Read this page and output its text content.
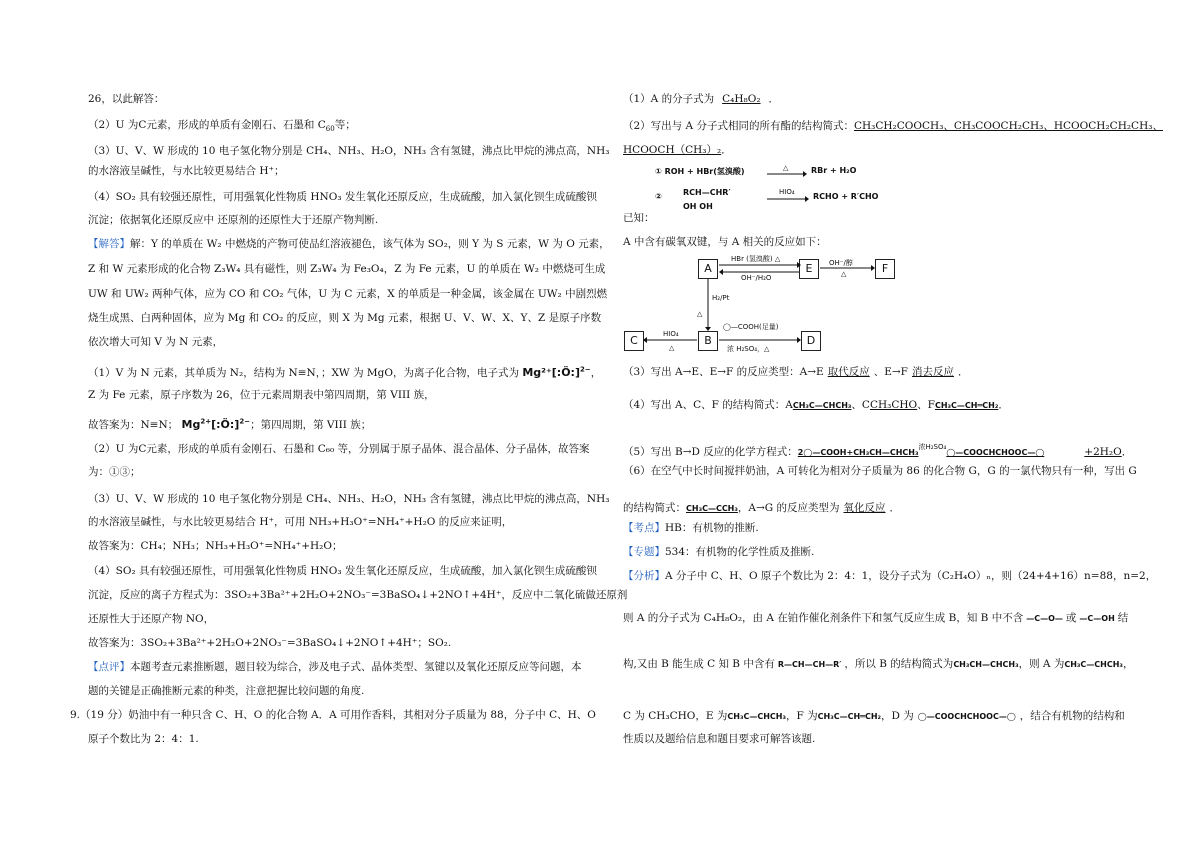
26，以此解答：
（2）U 为C元素，形成的单质有金刚石、石墨和 $C_{60}$等；
（3）U、V、W 形成的 10 电子氢化物分别是 CH₄、NH₃、H₂O，NH₃ 含有氢键，沸点比甲烷的沸点高，NH₃
的水溶液呈碱性，与水比较更易结合 H⁺；
（4）SO₂ 具有较强还原性，可用强氧化性物质 HNO₃ 发生氧化还原反应，生成硫酸，加入氯化钡生成硫酸钡
沉淀；依据氧化还原反应中 还原剂的还原性大于还原产物判断.
【解答】解：Y 的单质在 W₂ 中燃烧的产物可使品红溶液褪色，该气体为 SO₂，则 Y 为 S 元素，W 为 O 元素，
Z 和 W 元素形成的化合物 Z₃W₄ 具有磁性，则 Z₃W₄ 为 Fe₃O₄，Z 为 Fe 元素，U 的单质在 W₂ 中燃烧可生成
UW 和 UW₂ 两种气体，应为 CO 和 CO₂ 气体，U 为 C 元素，X 的单质是一种金属，该金属在 UW₂ 中剧烈燃
烧生成黑、白两种固体，应为 Mg 和 CO₂ 的反应，则 X 为 Mg 元素，根据 U、V、W、X、Y、Z 是原子序数
依次增大可知 V 为 N 元素，
（1）V 为 N 元素，其单质为 N₂，结构为 N≡N，；XW 为 MgO，为离子化合物，电子式为 Mg²⁺[:Ö:]$^{2-}$，
Z 为 Fe 元素，原子序数为 26，位于元素周期表中第四周期，第 VIII 族，
故答案为：N≡N； $Mg^{2+}[:Ö:]^{2-}$；第四周期，第 VIII 族；
（2）U 为C元素，形成的单质有金刚石、石墨和 C₆₀ 等，分别属于原子晶体、混合晶体、分子晶体，故答案
为：①③；
（3）U、V、W 形成的 10 电子氢化物分别是 CH₄、NH₃、H₂O，NH₃ 含有氢键，沸点比甲烷的沸点高，NH₃
的水溶液呈碱性，与水比较更易结合 H⁺，可用 NH₃+H₃O⁺=NH₄⁺+H₂O 的反应来证明，
故答案为：CH₄；NH₃；NH₃+H₃O⁺=NH₄⁺+H₂O；
（4）SO₂ 具有较强还原性，可用强氧化性物质 HNO₃ 发生氧化还原反应，生成硫酸，加入氯化钡生成硫酸钡
沉淀，反应的离子方程式为：3SO₂+3Ba²⁺+2H₂O+2NO₃⁻=3BaSO₄↓+2NO↑+4H⁺，反应中二氧化硫做还原剂
还原性大于还原产物 NO，
故答案为：3SO₂+3Ba²⁺+2H₂O+2NO₃⁻=3BaSO₄↓+2NO↑+4H⁺；SO₂.
【点评】本题考查元素推断题，题目较为综合，涉及电子式、晶体类型、氢键以及氧化还原反应等问题，本
题的关键是正确推断元素的种类，注意把握比较问题的角度.
9.（19 分）奶油中有一种只含 C、H、O 的化合物 A．A 可用作香料，其相对分子质量为 88，分子中 C、H、O
原子个数比为 2：4：1.
（1）A 的分子式为 C₄H₈O₂ ．
（2）写出与 A 分子式相同的所有酯的结构简式：CH₃CH₂COOCH₃、CH₃COOCH₂CH₃、HCOOCH₂CH₂CH₃、
HCOOCH（CH₃）₂．
① ROH + HBr(氢溴酸)	△ → RBr + H₂O
②	RCH—CHR′
OH OH
HIO₄ → RCHO + R′CHO
已知：
A 中含有碳氧双键，与 A 相关的反应如下：
A	E	F
C	B	D
HBr (氢溴酸) △
OH⁻/H₂O
OH⁻/醇
△
H₂/Pt
△
HIO₄
△
◯—COOH(足量)
浓 H₂SO₄，△
（3）写出 A→E、E→F 的反应类型：A→E 取代反应 、E→F 消去反应 ．
（4）写出 A、C、F 的结构简式：ACH₃C—CHCH₃、CCH₃CHO、FCH₃C—CH═CH₂．
（5）写出 B→D 反应的化学方程式：2◯—COOH+CH₃CH—CHCH₃$^{浓H_2SO_4}$◯—COOCHCHOOC—◯	+2H₂O．
（6）在空气中长时间搅拌奶油，A 可转化为相对分子质量为 86 的化合物 G，G 的一氯代物只有一种，写出 G
的结构简式：CH₃C—CCH₃，A→G 的反应类型为 氧化反应 ．
【考点】HB：有机物的推断.
【专题】534：有机物的化学性质及推断.
【分析】A 分子中 C、H、O 原子个数比为 2：4：1，设分子式为（C₂H₄O）ₙ，则（24+4+16）n=88，n=2，
则 A 的分子式为 C₄H₈O₂，由 A 在铂作催化剂条件下和氢气反应生成 B，知 B 中不含 —C—O— 或 —C—OH 结
构,又由 B 能生成 C 知 B 中含有 R—CH—CH—R′ ，所以 B 的结构简式为CH₃CH—CHCH₃，则 A 为CH₃C—CHCH₃，
C 为 CH₃CHO，E 为CH₃C—CHCH₃，F 为CH₃C—CH═CH₂，D 为 ◯—COOCHCHOOC—◯ ，结合有机物的结构和
性质以及题给信息和题目要求可解答该题.
